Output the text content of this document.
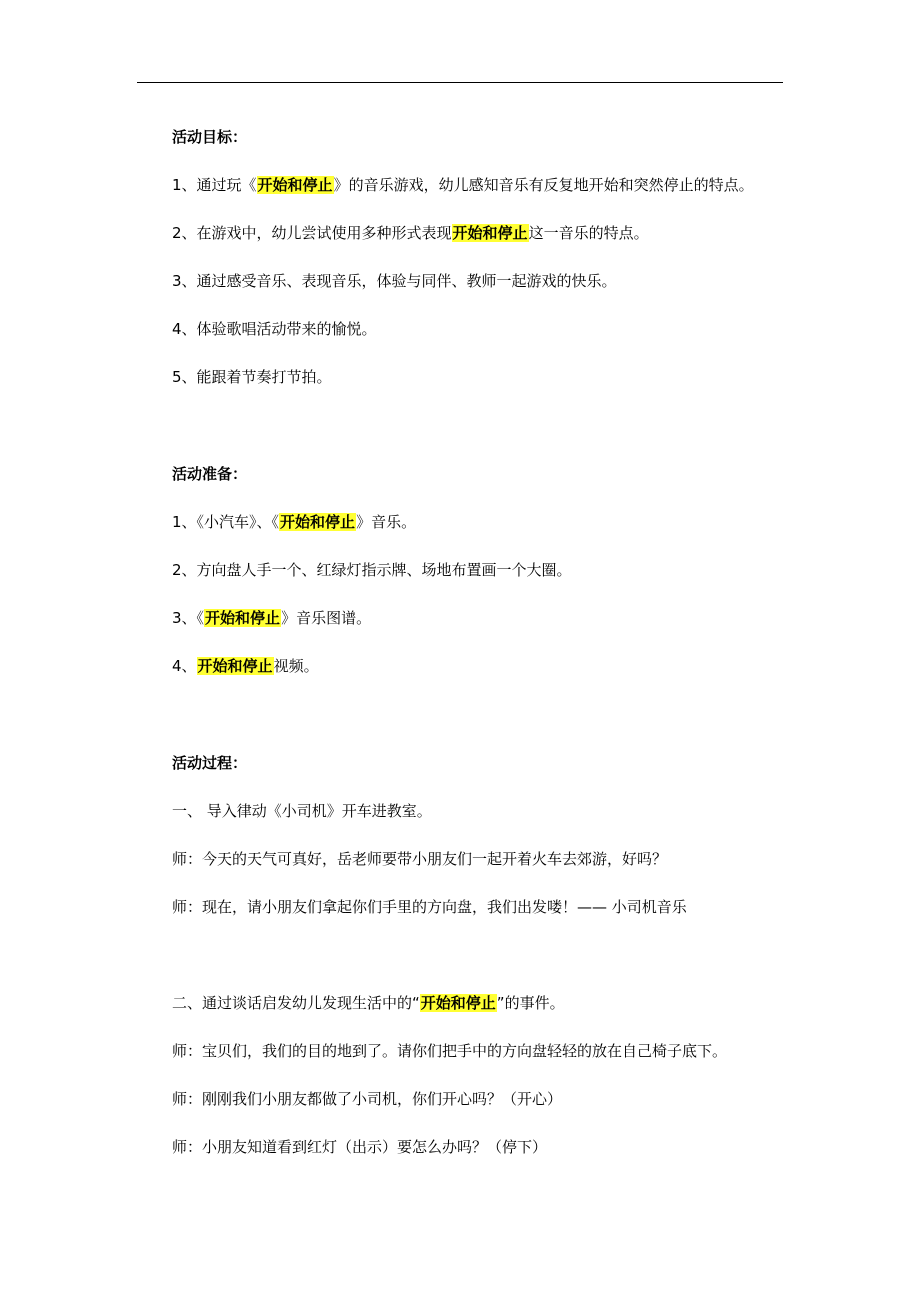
活动目标：
1、通过玩《开始和停止》的音乐游戏，幼儿感知音乐有反复地开始和突然停止的特点。
2、在游戏中，幼儿尝试使用多种形式表现开始和停止这一音乐的特点。
3、通过感受音乐、表现音乐，体验与同伴、教师一起游戏的快乐。
4、体验歌唱活动带来的愉悦。
5、能跟着节奏打节拍。
活动准备：
1、《小汽车》、《开始和停止》音乐。
2、方向盘人手一个、红绿灯指示牌、场地布置画一个大圈。
3、《开始和停止》音乐图谱。
4、开始和停止视频。
活动过程：
一、 导入律动《小司机》开车进教室。
师：今天的天气可真好，岳老师要带小朋友们一起开着火车去郊游，好吗？
师：现在，请小朋友们拿起你们手里的方向盘，我们出发喽！—— 小司机音乐
二、通过谈话启发幼儿发现生活中的“开始和停止”的事件。
师：宝贝们，我们的目的地到了。请你们把手中的方向盘轻轻的放在自己椅子底下。
师：刚刚我们小朋友都做了小司机，你们开心吗？（开心）
师：小朋友知道看到红灯（出示）要怎么办吗？（停下）
